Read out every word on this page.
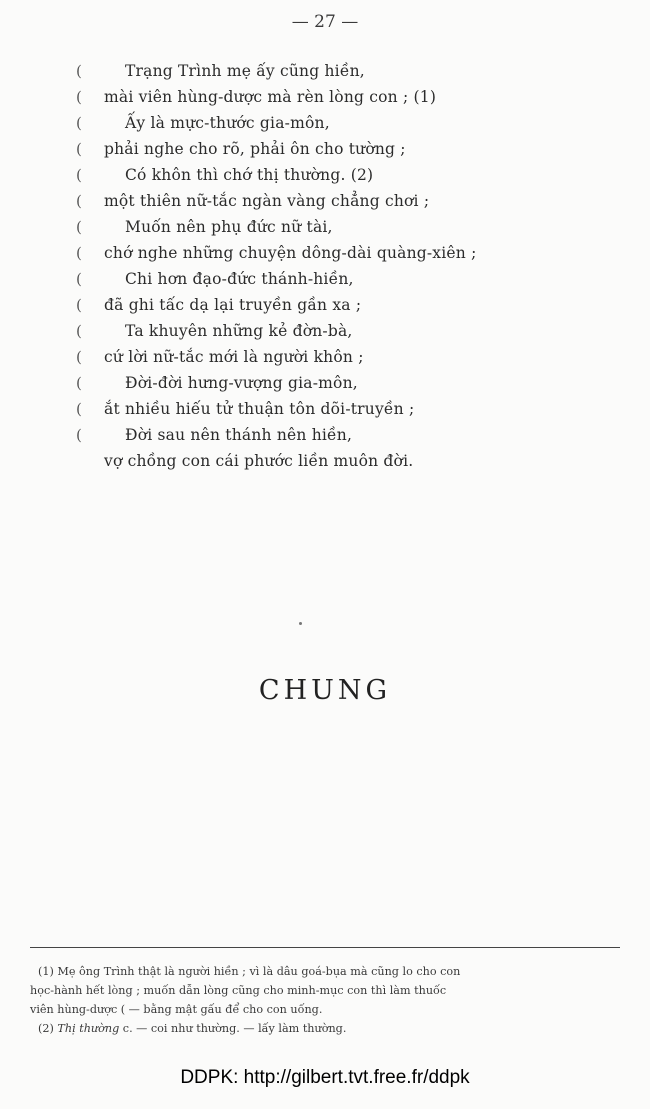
— 27 —
(
(
(
(
(
(
(
(
(
(
(
(
(
(
(
Trạng Trình mẹ ấy cũng hiền,
mài viên hùng-dược mà rèn lòng con ; (1)
Ấy là mực-thước gia-môn,
phải nghe cho rõ, phải ôn cho tường ;
Có khôn thì chớ thị thường. (2)
một thiên nữ-tắc ngàn vàng chẳng chơi ;
Muốn nên phụ đức nữ tài,
chớ nghe những chuyện dông-dài quàng-xiên ;
Chi hơn đạo-đức thánh-hiền,
đã ghi tấc dạ lại truyền gần xa ;
Ta khuyên những kẻ đờn-bà,
cứ lời nữ-tắc mới là người khôn ;
Đời-đời hưng-vượng gia-môn,
ắt nhiều hiếu tử thuận tôn dõi-truyền ;
Đời sau nên thánh nên hiền,
vợ chồng con cái phước liền muôn đời.
CHUNG
(1) Mẹ ông Trình thật là người hiền ; vì là dâu goá-bụa mà cũng lo cho con
học-hành hết lòng ; muốn dẫn lòng cũng cho minh-mục con thì làm thuốc
viên hùng-dược ( — bằng mật gấu để cho con uống.
(2) Thị thường c. — coi như thường. — lấy làm thường.
DDPK: http://gilbert.tvt.free.fr/ddpk
